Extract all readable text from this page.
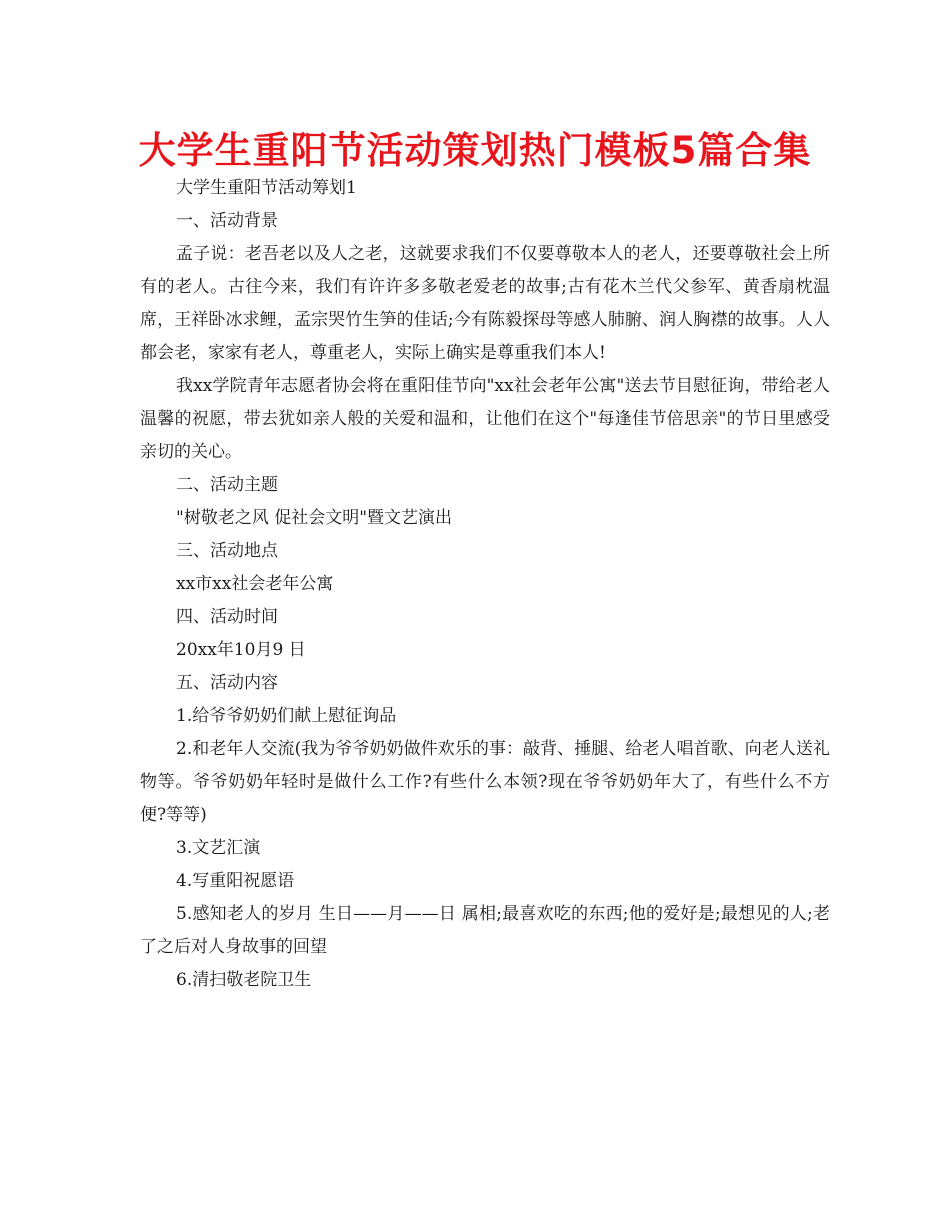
大学生重阳节活动策划热门模板5篇合集

大学生重阳节活动筹划1

一、活动背景

孟子说：老吾老以及人之老，这就要求我们不仅要尊敬本人的老人，还要尊敬社会上所有的老人。古往今来，我们有许许多多敬老爱老的故事;古有花木兰代父参军、黄香扇枕温席，王祥卧冰求鲤，孟宗哭竹生笋的佳话;今有陈毅探母等感人肺腑、润人胸襟的故事。人人都会老，家家有老人，尊重老人，实际上确实是尊重我们本人!

我xx学院青年志愿者协会将在重阳佳节向"xx社会老年公寓"送去节目慰征询，带给老人温馨的祝愿，带去犹如亲人般的关爱和温和，让他们在这个"每逢佳节倍思亲"的节日里感受亲切的关心。

二、活动主题

"树敬老之风 促社会文明"暨文艺演出

三、活动地点

xx市xx社会老年公寓

四、活动时间

20xx年10月9 日

五、活动内容

1.给爷爷奶奶们献上慰征询品

2.和老年人交流(我为爷爷奶奶做件欢乐的事：敲背、捶腿、给老人唱首歌、向老人送礼物等。爷爷奶奶年轻时是做什么工作?有些什么本领?现在爷爷奶奶年大了，有些什么不方便?等等)

3.文艺汇演

4.写重阳祝愿语

5.感知老人的岁月 生日——月——日 属相;最喜欢吃的东西;他的爱好是;最想见的人;老了之后对人身故事的回望

6.清扫敬老院卫生
